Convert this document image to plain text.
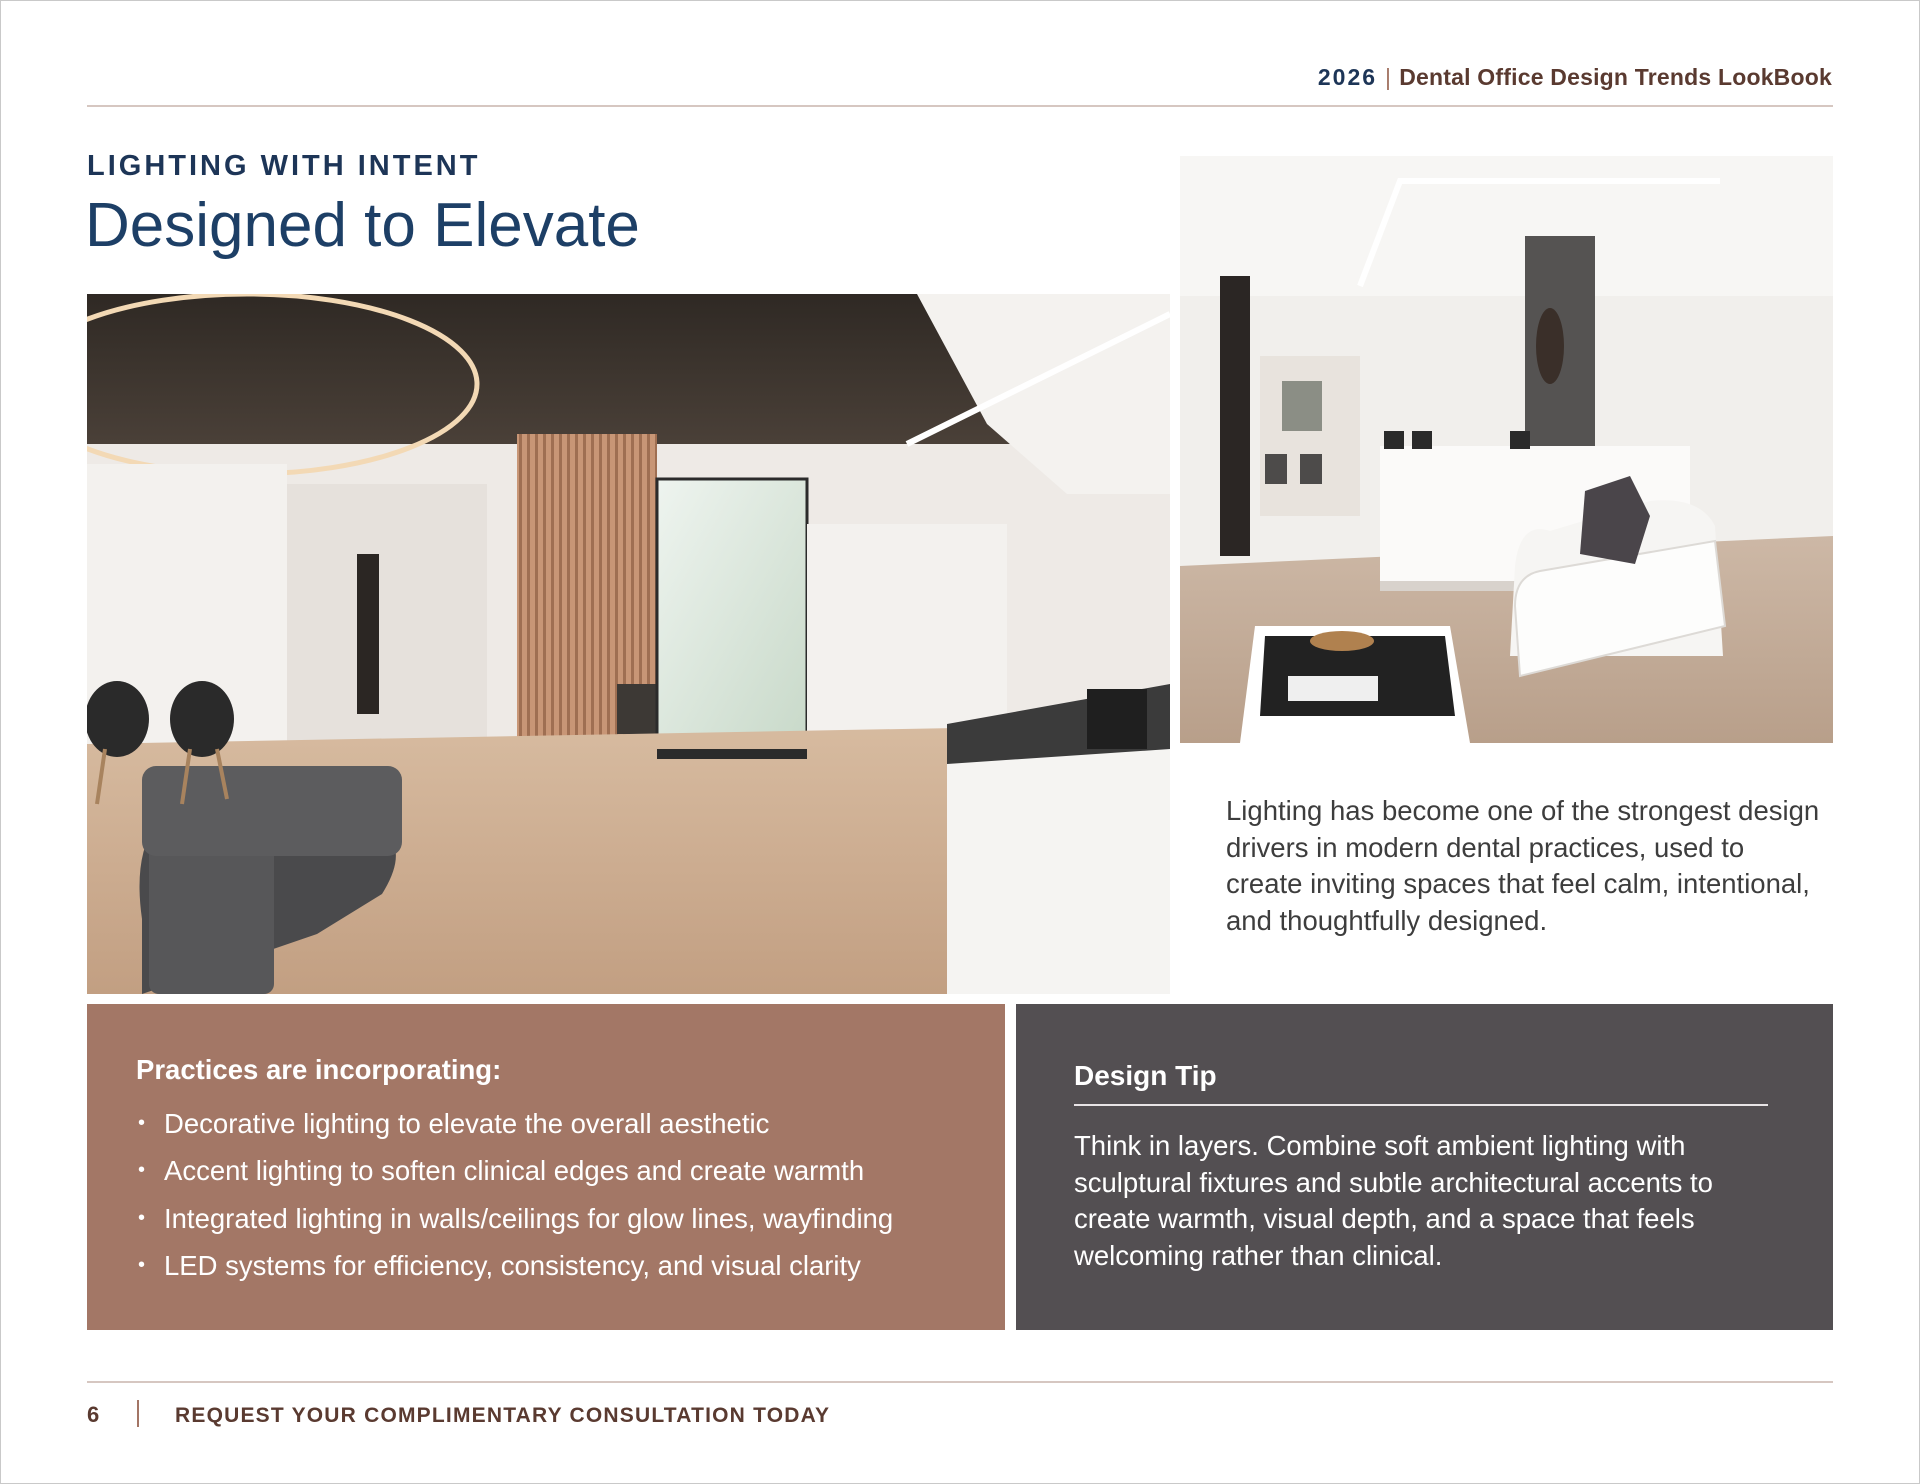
2026 | Dental Office Design Trends LookBook
LIGHTING WITH INTENT
Designed to Elevate
Lighting has become one of the strongest design drivers in modern dental practices, used to create inviting spaces that feel calm, intentional, and thoughtfully designed.
Practices are incorporating:
• Decorative lighting to elevate the overall aesthetic
• Accent lighting to soften clinical edges and create warmth
• Integrated lighting in walls/ceilings for glow lines, wayfinding
• LED systems for efficiency, consistency, and visual clarity
Design Tip
Think in layers. Combine soft ambient lighting with sculptural fixtures and subtle architectural accents to create warmth, visual depth, and a space that feels welcoming rather than clinical.
6	REQUEST YOUR COMPLIMENTARY CONSULTATION TODAY
